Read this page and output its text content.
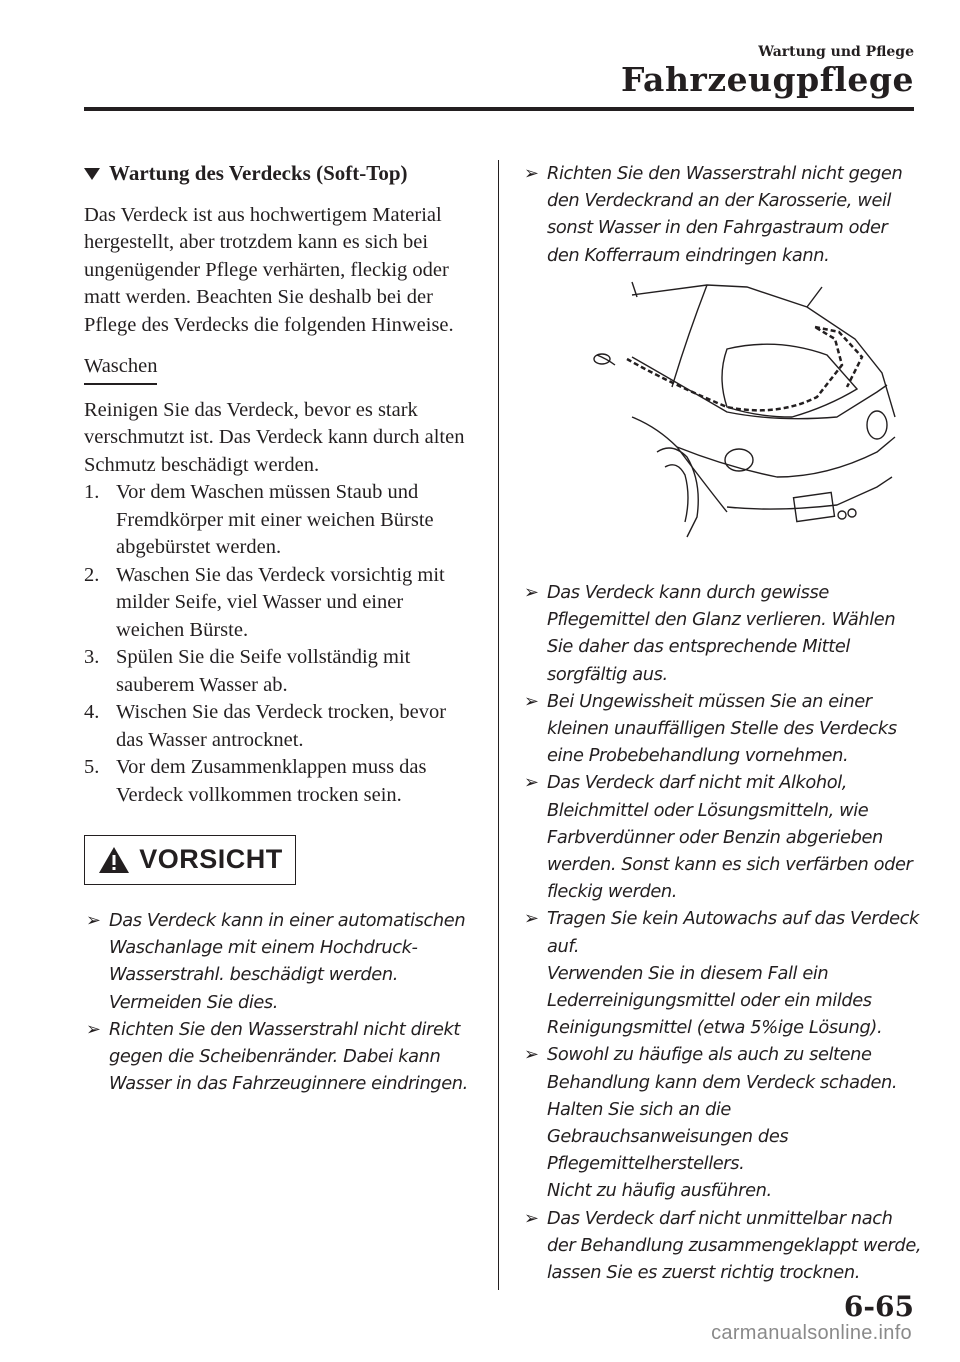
Wartung und Pflege
Fahrzeugpflege
Wartung des Verdecks (Soft-Top)

Das Verdeck ist aus hochwertigem Material hergestellt, aber trotzdem kann es sich bei ungenügender Pflege verhärten, fleckig oder matt werden. Beachten Sie deshalb bei der Pflege des Verdecks die folgenden Hinweise.

Waschen

Reinigen Sie das Verdeck, bevor es stark verschmutzt ist. Das Verdeck kann durch alten Schmutz beschädigt werden.

1. Vor dem Waschen müssen Staub und Fremdkörper mit einer weichen Bürste abgebürstet werden.
2. Waschen Sie das Verdeck vorsichtig mit milder Seife, viel Wasser und einer weichen Bürste.
3. Spülen Sie die Seife vollständig mit sauberem Wasser ab.
4. Wischen Sie das Verdeck trocken, bevor das Wasser antrocknet.
5. Vor dem Zusammenklappen muss das Verdeck vollkommen trocken sein.
VORSICHT
➢ Das Verdeck kann in einer automatischen Waschanlage mit einem Hochdruck-Wasserstrahl. beschädigt werden. Vermeiden Sie dies.
➢ Richten Sie den Wasserstrahl nicht direkt gegen die Scheibenränder. Dabei kann Wasser in das Fahrzeuginnere eindringen.
➢ Richten Sie den Wasserstrahl nicht gegen den Verdeckrand an der Karosserie, weil sonst Wasser in den Fahrgastraum oder den Kofferraum eindringen kann.
➢ Das Verdeck kann durch gewisse Pflegemittel den Glanz verlieren. Wählen Sie daher das entsprechende Mittel sorgfältig aus.
➢ Bei Ungewissheit müssen Sie an einer kleinen unauffälligen Stelle des Verdecks eine Probebehandlung vornehmen.
➢ Das Verdeck darf nicht mit Alkohol, Bleichmittel oder Lösungsmitteln, wie Farbverdünner oder Benzin abgerieben werden. Sonst kann es sich verfärben oder fleckig werden.
➢ Tragen Sie kein Autowachs auf das Verdeck auf.
Verwenden Sie in diesem Fall ein Lederreinigungsmittel oder ein mildes Reinigungsmittel (etwa 5%ige Lösung).
➢ Sowohl zu häufige als auch zu seltene Behandlung kann dem Verdeck schaden. Halten Sie sich an die Gebrauchsanweisungen des Pflegemittelherstellers.
Nicht zu häufig ausführen.
➢ Das Verdeck darf nicht unmittelbar nach der Behandlung zusammengeklappt werde, lassen Sie es zuerst richtig trocknen.
6-65
carmanualsonline.info
